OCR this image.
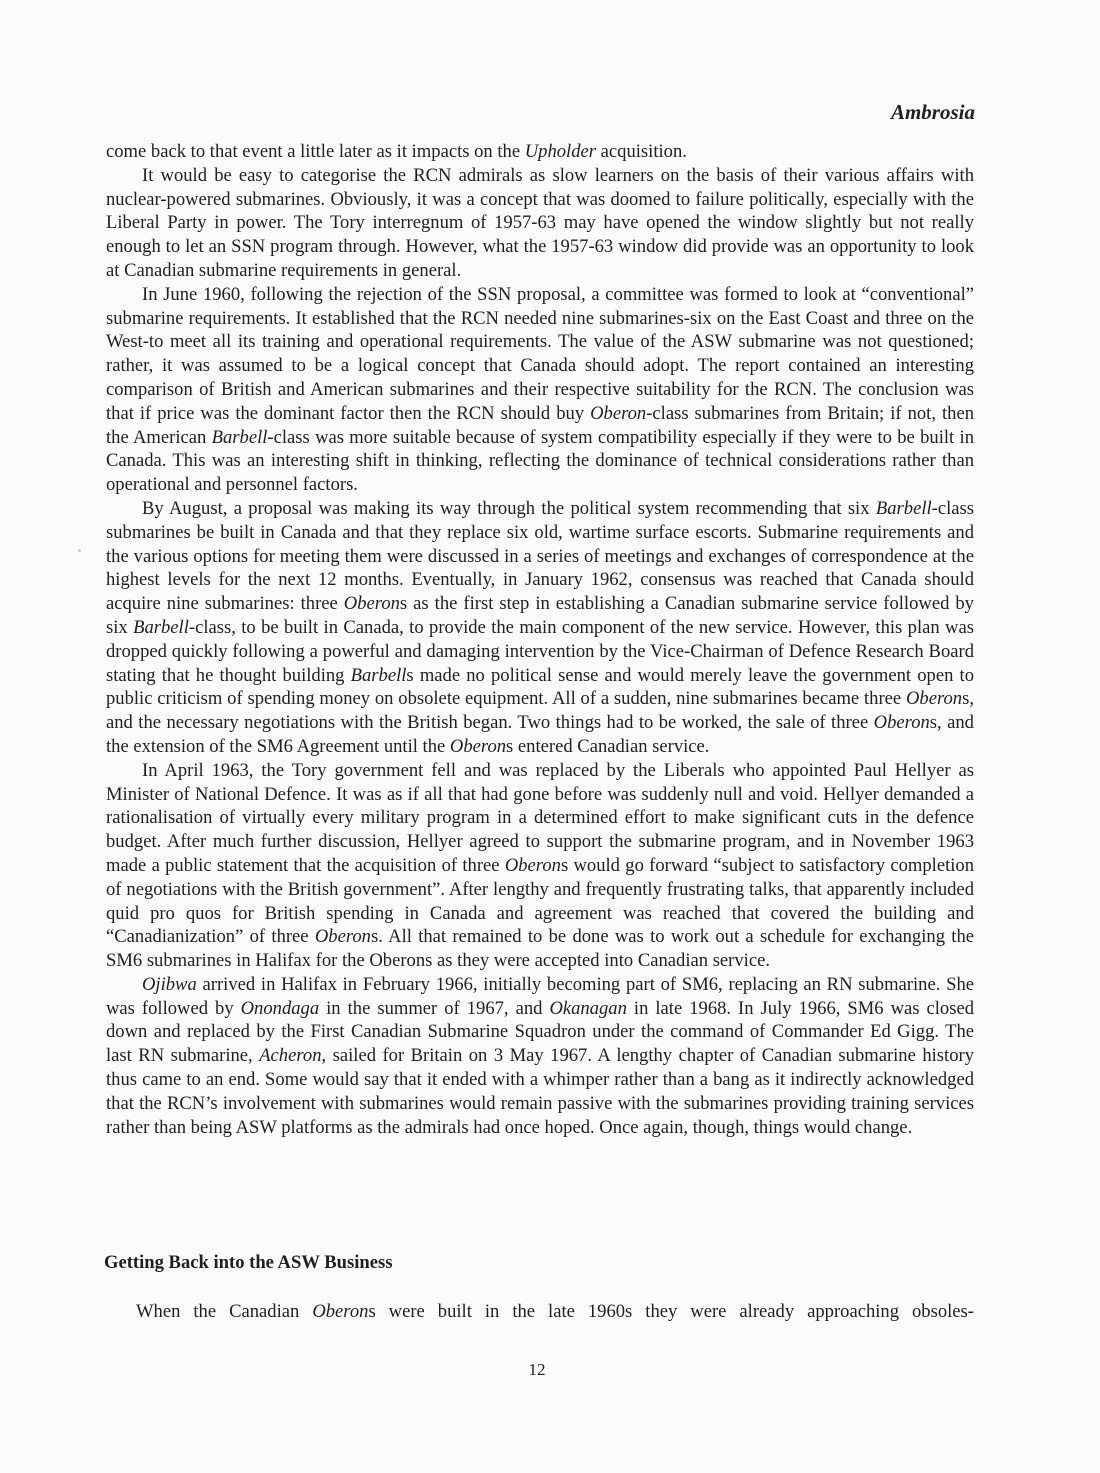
Ambrosia

come back to that event a little later as it impacts on the Upholder acquisition.

It would be easy to categorise the RCN admirals as slow learners on the basis of their various affairs with nuclear-powered submarines. Obviously, it was a concept that was doomed to failure politically, especially with the Liberal Party in power. The Tory interregnum of 1957-63 may have opened the window slightly but not really enough to let an SSN program through. However, what the 1957-63 window did provide was an opportunity to look at Canadian submarine requirements in general.

In June 1960, following the rejection of the SSN proposal, a committee was formed to look at “conventional” submarine requirements. It established that the RCN needed nine submarines-six on the East Coast and three on the West-to meet all its training and operational requirements. The value of the ASW submarine was not questioned; rather, it was assumed to be a logical concept that Canada should adopt. The report contained an interesting comparison of British and American submarines and their respective suitability for the RCN. The conclusion was that if price was the dominant factor then the RCN should buy Oberon-class submarines from Britain; if not, then the American Barbell-class was more suitable because of system compatibility especially if they were to be built in Canada. This was an interesting shift in thinking, reflecting the dominance of technical considerations rather than operational and personnel factors.

By August, a proposal was making its way through the political system recommending that six Barbell-class submarines be built in Canada and that they replace six old, wartime surface escorts. Submarine requirements and the various options for meeting them were discussed in a series of meetings and exchanges of correspondence at the highest levels for the next 12 months. Eventually, in January 1962, consensus was reached that Canada should acquire nine submarines: three Oberons as the first step in establishing a Canadian submarine service followed by six Barbell-class, to be built in Canada, to provide the main component of the new service. However, this plan was dropped quickly following a powerful and damaging intervention by the Vice-Chairman of Defence Research Board stating that he thought building Barbells made no political sense and would merely leave the government open to public criticism of spending money on obsolete equipment. All of a sudden, nine submarines became three Oberons, and the necessary negotiations with the British began. Two things had to be worked, the sale of three Oberons, and the extension of the SM6 Agreement until the Oberons entered Canadian service.

In April 1963, the Tory government fell and was replaced by the Liberals who appointed Paul Hellyer as Minister of National Defence. It was as if all that had gone before was suddenly null and void. Hellyer demanded a rationalisation of virtually every military program in a determined effort to make significant cuts in the defence budget. After much further discussion, Hellyer agreed to support the submarine program, and in November 1963 made a public statement that the acquisition of three Oberons would go forward “subject to satisfactory completion of negotiations with the British government”. After lengthy and frequently frustrating talks, that apparently included quid pro quos for British spending in Canada and agreement was reached that covered the building and “Canadianization” of three Oberons. All that remained to be done was to work out a schedule for exchanging the SM6 submarines in Halifax for the Oberons as they were accepted into Canadian service.

Ojibwa arrived in Halifax in February 1966, initially becoming part of SM6, replacing an RN submarine. She was followed by Onondaga in the summer of 1967, and Okanagan in late 1968. In July 1966, SM6 was closed down and replaced by the First Canadian Submarine Squadron under the command of Commander Ed Gigg. The last RN submarine, Acheron, sailed for Britain on 3 May 1967. A lengthy chapter of Canadian submarine history thus came to an end. Some would say that it ended with a whimper rather than a bang as it indirectly acknowledged that the RCN’s involvement with submarines would remain passive with the submarines providing training services rather than being ASW platforms as the admirals had once hoped. Once again, though, things would change.

Getting Back into the ASW Business

When the Canadian Oberons were built in the late 1960s they were already approaching obsoles-

12
